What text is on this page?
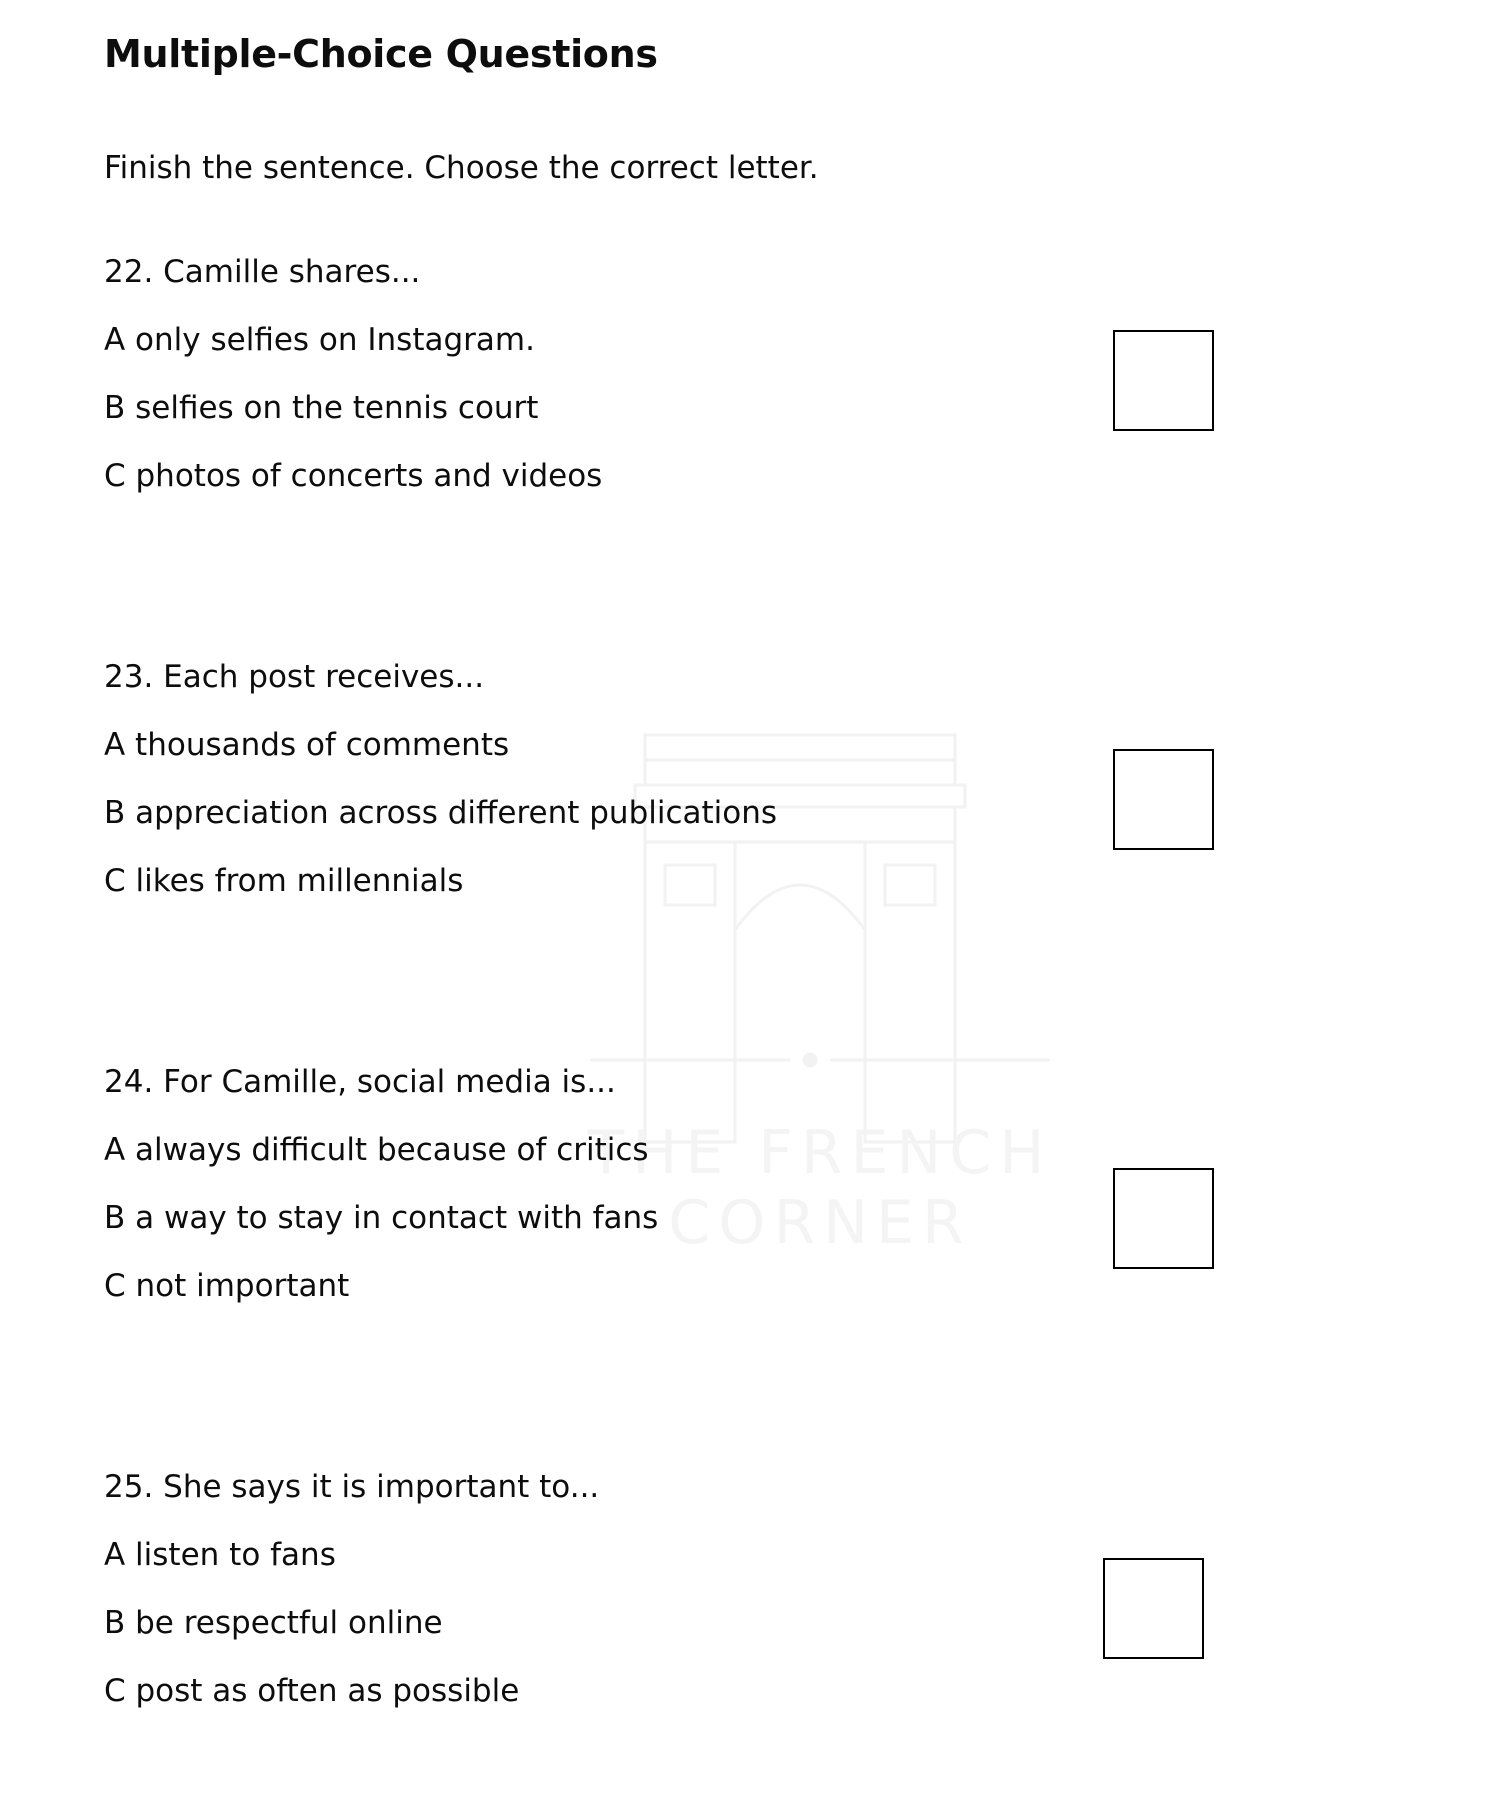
THE FRENCH CORNER
Multiple-Choice Questions

Finish the sentence. Choose the correct letter.

22. Camille shares...

A only selfies on Instagram.

B selfies on the tennis court

C photos of concerts and videos

23. Each post receives...

A thousands of comments

B appreciation across different publications

C likes from millennials

24. For Camille, social media is...

A always difficult because of critics

B a way to stay in contact with fans

C not important

25. She says it is important to...

A listen to fans

B be respectful online

C post as often as possible
